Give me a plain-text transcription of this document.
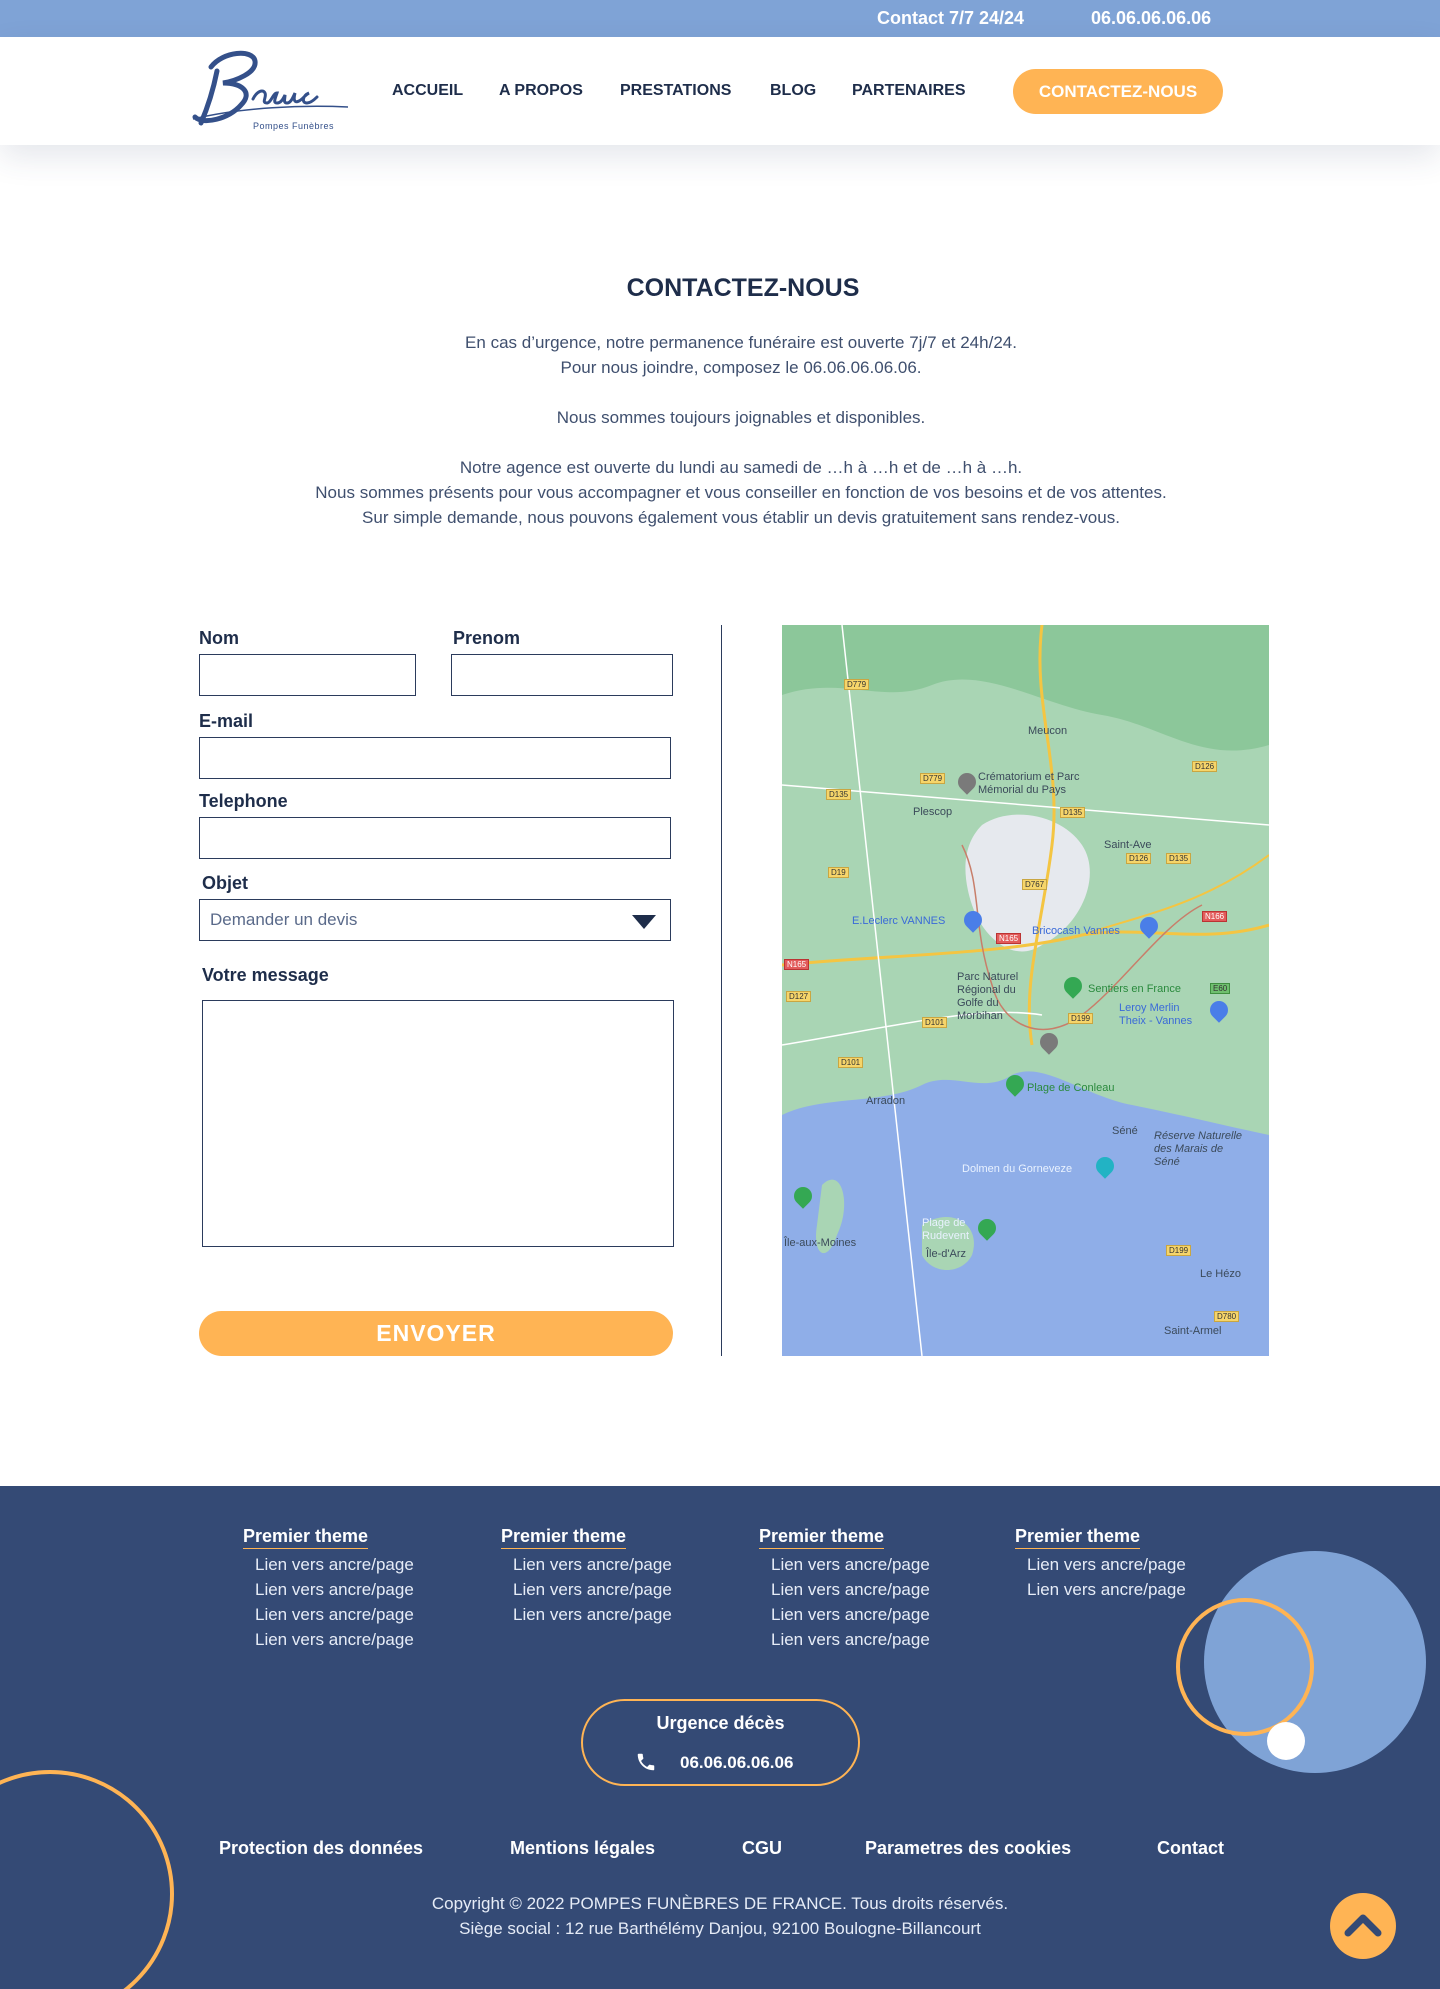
Contact 7/7 24/24	06.06.06.06.06
Pompes Funèbres
ACCUEIL A PROPOS PRESTATIONS BLOG PARTENAIRES	CONTACTEZ-NOUS
CONTACTEZ-NOUS

En cas d’urgence, notre permanence funéraire est ouverte 7j/7 et 24h/24.

Pour nous joindre, composez le 06.06.06.06.06.

Nous sommes toujours joignables et disponibles.

Notre agence est ouverte du lundi au samedi de …h à …h et de …h à …h.

Nous sommes présents pour vous accompagner et vous conseiller en fonction de vos besoins et de vos attentes.

Sur simple demande, nous pouvons également vous établir un devis gratuitement sans rendez-vous.

Nom	Prenom
E-mail
Telephone
Objet
Demander un devis
Votre message
ENVOYER
Meucon
Plescop
Saint-Ave
E.Leclerc VANNES
Bricocash Vannes
Parc Naturel Régional du Golfe du Morbihan
Sentiers en France
Leroy Merlin Theix - Vannes
Plage de Conleau
Arradon
Séné Réserve Naturelle des Marais de Séné
Dolmen du Gorneveze
Plage de Rudevent
Île-aux-Moines
Île-d'Arz
Le Hézo
Saint-Armel
Crématorium et Parc Mémorial du Pays
D779
D779
D135
D135
D126
D126	D135
D19
D767
N166
N165
N165
D127
D101
D101
D199
D199
D780
E60
Premier theme
Lien vers ancre/page
Lien vers ancre/page
Lien vers ancre/page
Lien vers ancre/page
Premier theme
Lien vers ancre/page
Lien vers ancre/page
Lien vers ancre/page
Premier theme
Lien vers ancre/page
Lien vers ancre/page
Lien vers ancre/page
Lien vers ancre/page
Premier theme
Lien vers ancre/page
Lien vers ancre/page
Urgence décès
06.06.06.06.06
Protection des données	Mentions légales	CGU	Parametres des cookies	Contact

Copyright © 2022 POMPES FUNÈBRES DE FRANCE. Tous droits réservés.

Siège social : 12 rue Barthélémy Danjou, 92100 Boulogne-Billancourt
